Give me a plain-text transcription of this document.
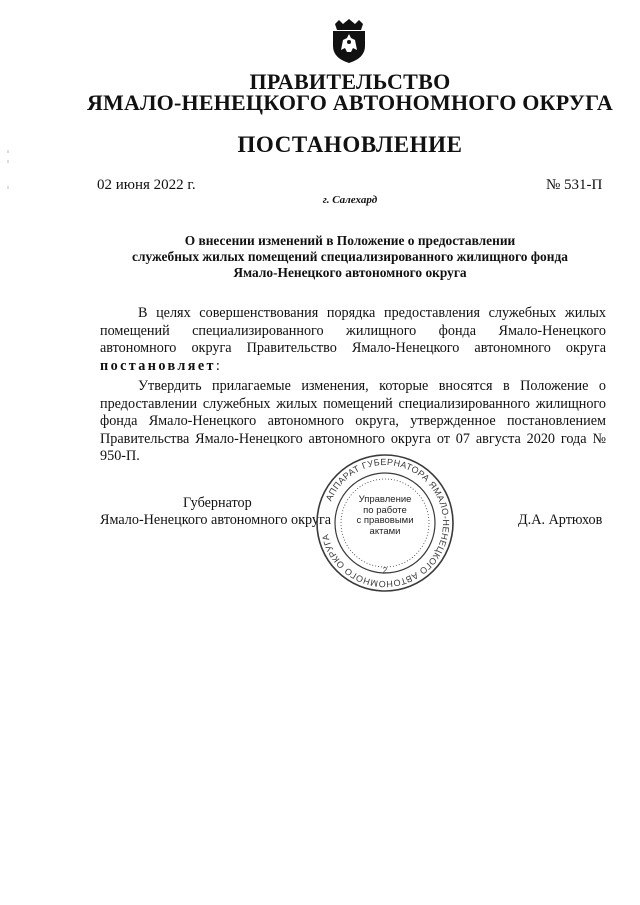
ПРАВИТЕЛЬСТВО
ЯМАЛО-НЕНЕЦКОГО АВТОНОМНОГО ОКРУГА
ПОСТАНОВЛЕНИЕ
02 июня 2022 г.	№ 531-П
г. Салехард
О внесении изменений в Положение о предоставлении
служебных жилых помещений специализированного жилищного фонда
Ямало-Ненецкого автономного округа
В целях совершенствования порядка предоставления служебных жилых помещений специализированного жилищного фонда Ямало-Ненецкого автономного округа Правительство Ямало-Ненецкого автономного округа постановляет:
Утвердить прилагаемые изменения, которые вносятся в Положение о предоставлении служебных жилых помещений специализированного жилищного фонда Ямало-Ненецкого автономного округа, утвержденное постановлением Правительства Ямало-Ненецкого автономного округа от 07 августа 2020 года № 950-П.
Губернатор
Ямало-Ненецкого автономного округа
АППАРАТ ГУБЕРНАТОРА ЯМАЛО-НЕНЕЦКОГО АВТОНОМНОГО ОКРУГА
2
Управление
по работе
с правовыми
актами
Д.А. Артюхов
